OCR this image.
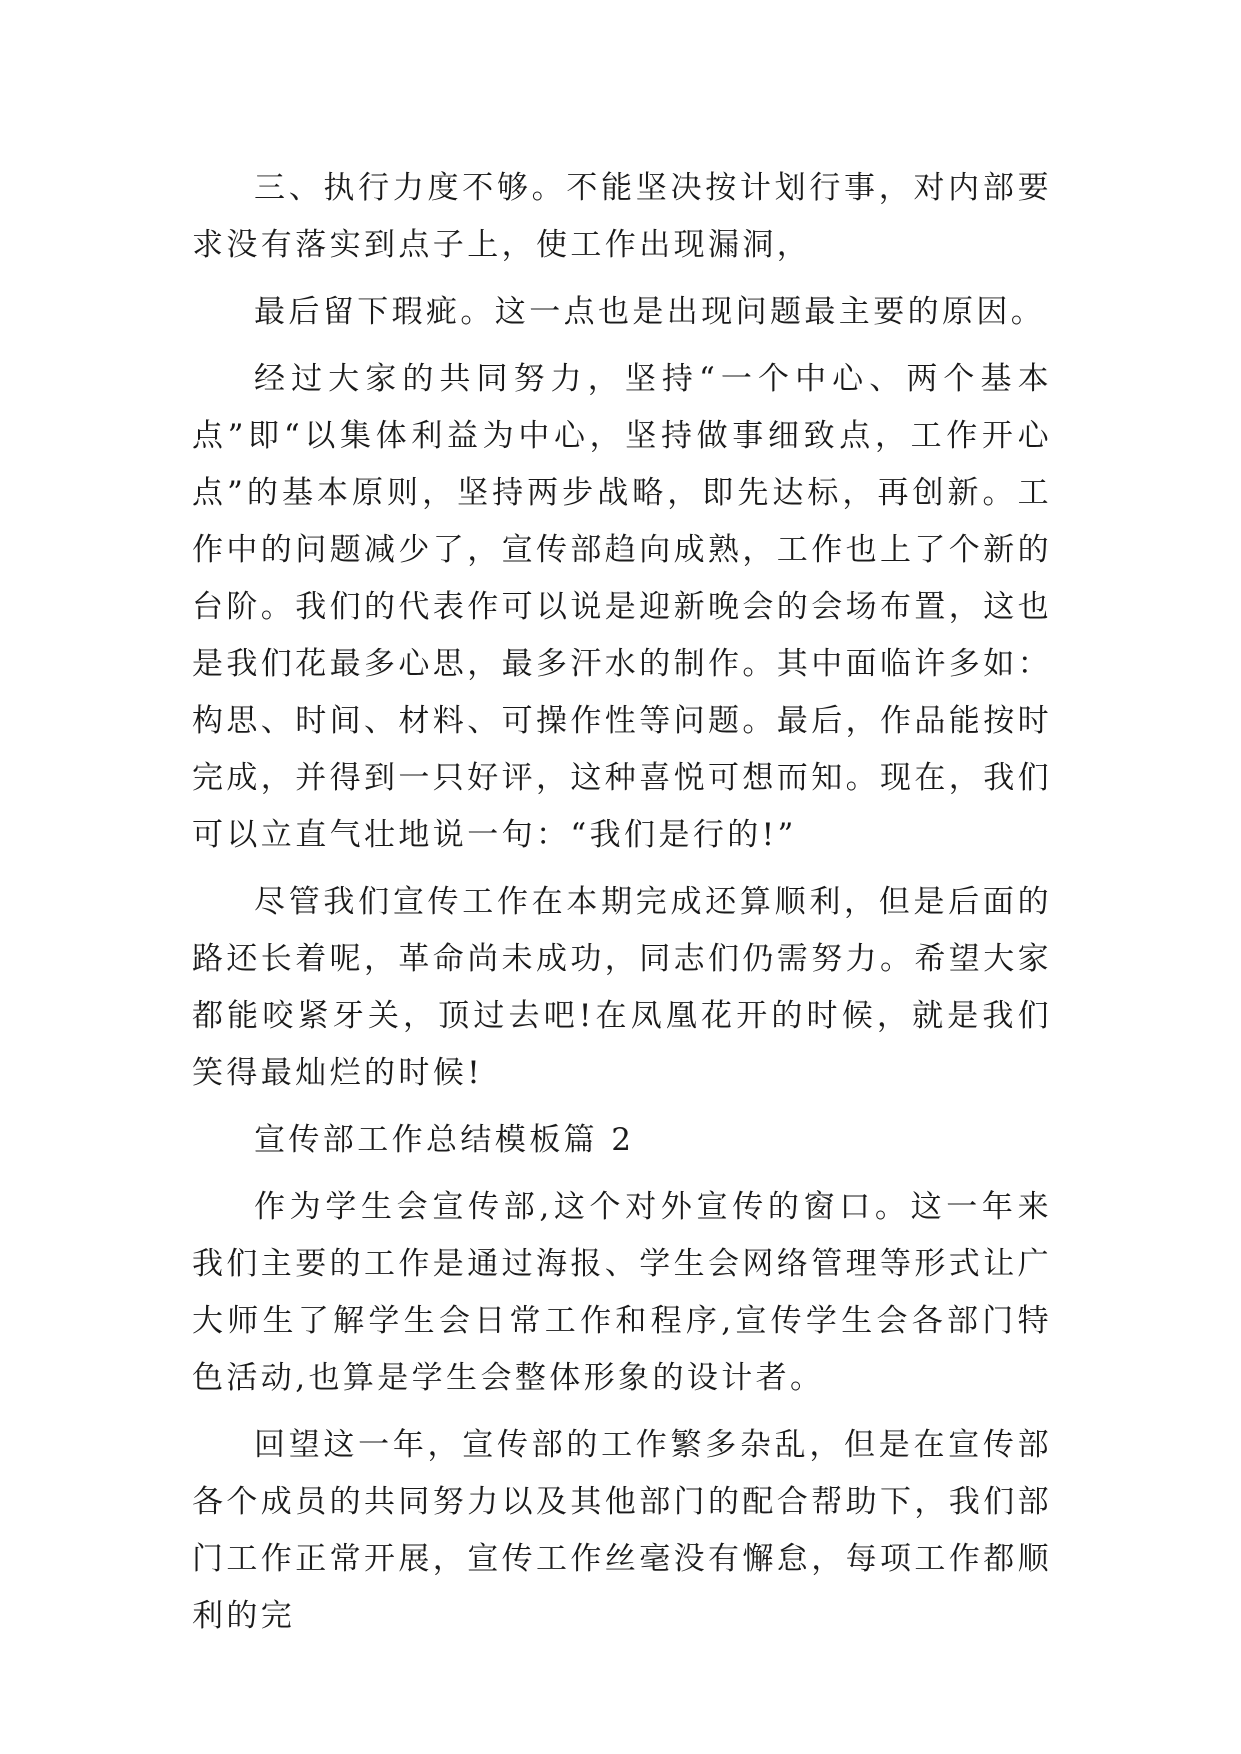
三、执行力度不够。不能坚决按计划行事，对内部要求没有落实到点子上，使工作出现漏洞，

最后留下瑕疵。这一点也是出现问题最主要的原因。

经过大家的共同努力，坚持“一个中心、两个基本点”即“以集体利益为中心，坚持做事细致点，工作开心点”的基本原则，坚持两步战略，即先达标，再创新。工作中的问题减少了，宣传部趋向成熟，工作也上了个新的台阶。我们的代表作可以说是迎新晚会的会场布置，这也是我们花最多心思，最多汗水的制作。其中面临许多如：构思、时间、材料、可操作性等问题。最后，作品能按时完成，并得到一只好评，这种喜悦可想而知。现在，我们可以立直气壮地说一句：“我们是行的!”

尽管我们宣传工作在本期完成还算顺利，但是后面的路还长着呢，革命尚未成功，同志们仍需努力。希望大家都能咬紧牙关，顶过去吧!在凤凰花开的时候，就是我们笑得最灿烂的时候!

宣传部工作总结模板篇 2

作为学生会宣传部,这个对外宣传的窗口。这一年来我们主要的工作是通过海报、学生会网络管理等形式让广大师生了解学生会日常工作和程序,宣传学生会各部门特色活动,也算是学生会整体形象的设计者。

回望这一年，宣传部的工作繁多杂乱，但是在宣传部各个成员的共同努力以及其他部门的配合帮助下，我们部门工作正常开展，宣传工作丝毫没有懈怠，每项工作都顺利的完
